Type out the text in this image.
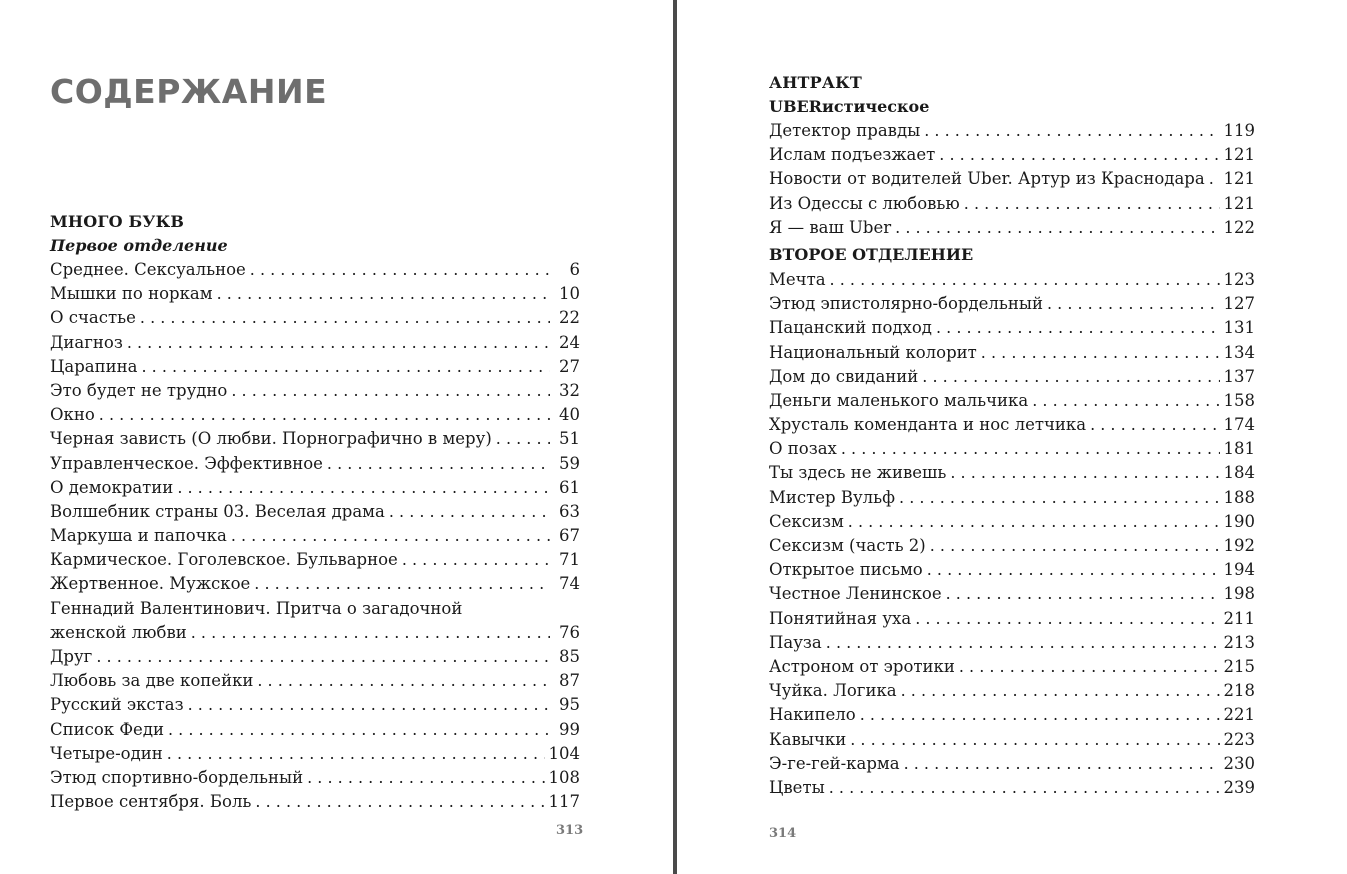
СОДЕРЖАНИЕ
МНОГО БУКВ
Первое отделение
Среднее. Сексуальное . . .	6
Мышки по норкам . . .	10
О счастье . . .	22
Диагноз . . .	24
Царапина . . .	27
Это будет не трудно . . .	32
Окно . . .	40
Черная зависть (О любви. Порнографично в меру) . . .	51
Управленческое. Эффективное . . .	59
О демократии . . .	61
Волшебник страны 03. Веселая драма . . .	63
Маркуша и папочка . . .	67
Кармическое. Гоголевское. Бульварное . . .	71
Жертвенное. Мужское . . .	74
Геннадий Валентинович. Притча о загадочной
женской любви . . .	76
Друг . . .	85
Любовь за две копейки . . .	87
Русский экстаз . . .	95
Список Феди . . .	99
Четыре-один . . .	104
Этюд спортивно-бордельный . . .	108
Первое сентября. Боль . . .	117
313
АНТРАКТ
UBERистическое
Детектор правды . . .	119
Ислам подъезжает . . .	121
Новости от водителей Uber. Артур из Краснодара . . . 121
Из Одессы с любовью . . .	121
Я — ваш Uber . . .	122
ВТОРОЕ ОТДЕЛЕНИЕ
Мечта . . .	123
Этюд эпистолярно-бордельный . . .	127
Пацанский подход . . .	131
Национальный колорит . . .	134
Дом до свиданий . . .	137
Деньги маленького мальчика . . .	158
Хрусталь коменданта и нос летчика . . .	174
О позах . . .	181
Ты здесь не живешь . . .	184
Мистер Вульф . . .	188
Сексизм . . .	190
Сексизм (часть 2) . . .	192
Открытое письмо . . .	194
Честное Ленинское . . .	198
Понятийная уха . . .	211
Пауза . . .	213
Астроном от эротики . . .	215
Чуйка. Логика . . .	218
Накипело . . .	221
Кавычки . . .	223
Э-ге-гей-карма . . .	230
Цветы . . .	239
314
